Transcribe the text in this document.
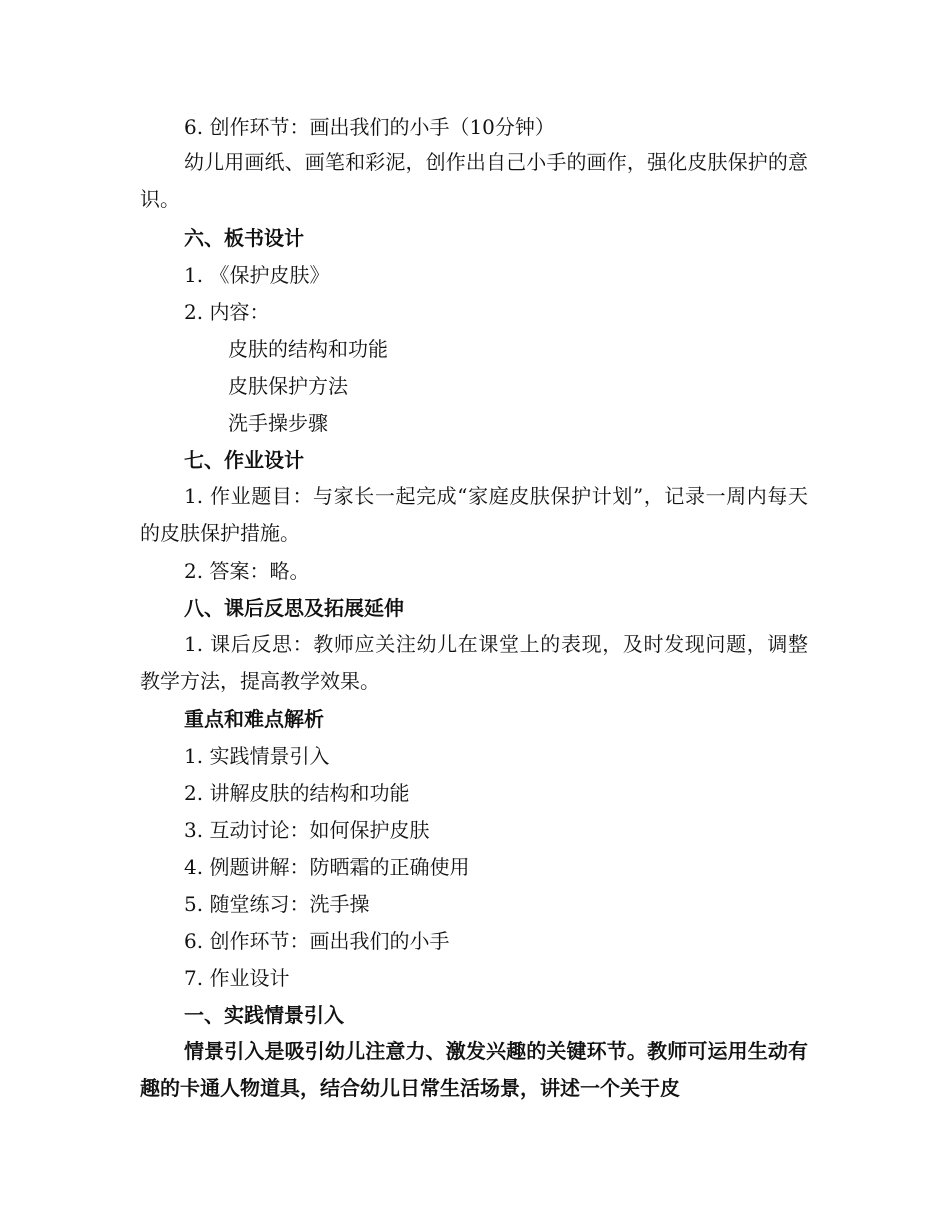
6. 创作环节：画出我们的小手（10分钟）
幼儿用画纸、画笔和彩泥，创作出自己小手的画作，强化皮肤保护的意识。
六、板书设计
1. 《保护皮肤》
2. 内容：
皮肤的结构和功能
皮肤保护方法
洗手操步骤
七、作业设计
1. 作业题目：与家长一起完成“家庭皮肤保护计划”，记录一周内每天的皮肤保护措施。
2. 答案：略。
八、课后反思及拓展延伸
1. 课后反思：教师应关注幼儿在课堂上的表现，及时发现问题，调整教学方法，提高教学效果。
重点和难点解析
1. 实践情景引入
2. 讲解皮肤的结构和功能
3. 互动讨论：如何保护皮肤
4. 例题讲解：防晒霜的正确使用
5. 随堂练习：洗手操
6. 创作环节：画出我们的小手
7. 作业设计
一、实践情景引入
情景引入是吸引幼儿注意力、激发兴趣的关键环节。教师可运用生动有趣的卡通人物道具，结合幼儿日常生活场景，讲述一个关于皮
